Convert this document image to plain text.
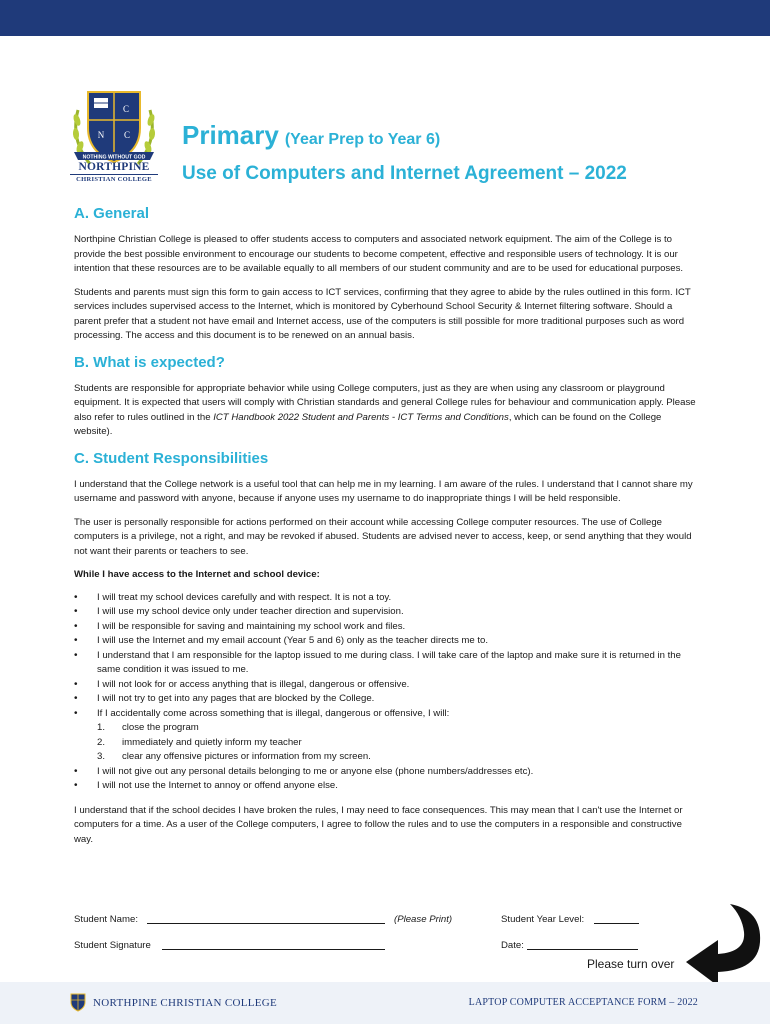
C
N C
NOTHING WITHOUT GOD
NORTHPINE
CHRISTIAN COLLEGE
Primary (Year Prep to Year 6)
Use of Computers and Internet Agreement – 2022
A. General

Northpine Christian College is pleased to offer students access to computers and associated network equipment. The aim of the College is to provide the best possible environment to encourage our students to become competent, effective and responsible users of technology. It is our intention that these resources are to be available equally to all members of our student community and are to be used for educational purposes.

Students and parents must sign this form to gain access to ICT services, confirming that they agree to abide by the rules outlined in this form. ICT services includes supervised access to the Internet, which is monitored by Cyberhound School Security & Internet filtering software. Should a parent prefer that a student not have email and Internet access, use of the computers is still possible for more traditional purposes such as word processing. The access and this document is to be renewed on an annual basis.

B. What is expected?

Students are responsible for appropriate behavior while using College computers, just as they are when using any classroom or playground equipment. It is expected that users will comply with Christian standards and general College rules for behaviour and communication apply. Please also refer to rules outlined in the ICT Handbook 2022 Student and Parents - ICT Terms and Conditions, which can be found on the College website).

C. Student Responsibilities

I understand that the College network is a useful tool that can help me in my learning. I am aware of the rules. I understand that I cannot share my username and password with anyone, because if anyone uses my username to do inappropriate things I will be held responsible.

The user is personally responsible for actions performed on their account while accessing College computer resources. The use of College computers is a privilege, not a right, and may be revoked if abused. Students are advised never to access, keep, or send anything that they would not want their parents or teachers to see.

While I have access to the Internet and school device:
• I will treat my school devices carefully and with respect. It is not a toy.
• I will use my school device only under teacher direction and supervision.
• I will be responsible for saving and maintaining my school work and files.
• I will use the Internet and my email account (Year 5 and 6) only as the teacher directs me to.
• I understand that I am responsible for the laptop issued to me during class. I will take care of the laptop and make sure it is returned in the same condition it was issued to me.
• I will not look for or access anything that is illegal, dangerous or offensive.
• I will not try to get into any pages that are blocked by the College.
• If I accidentally come across something that is illegal, dangerous or offensive, I will:
1. close the program
2. immediately and quietly inform my teacher
3. clear any offensive pictures or information from my screen.
• I will not give out any personal details belonging to me or anyone else (phone numbers/addresses etc).
• I will not use the Internet to annoy or offend anyone else.

I understand that if the school decides I have broken the rules, I may need to face consequences. This may mean that I can't use the Internet or computers for a time. As a user of the College computers, I agree to follow the rules and to use the computers in a responsible and constructive way.

Student Name:	(Please Print)	Student Year Level:
Student Signature	Date:
Please turn over
NORTHPINE CHRISTIAN COLLEGE	LAPTOP COMPUTER ACCEPTANCE FORM – 2022
